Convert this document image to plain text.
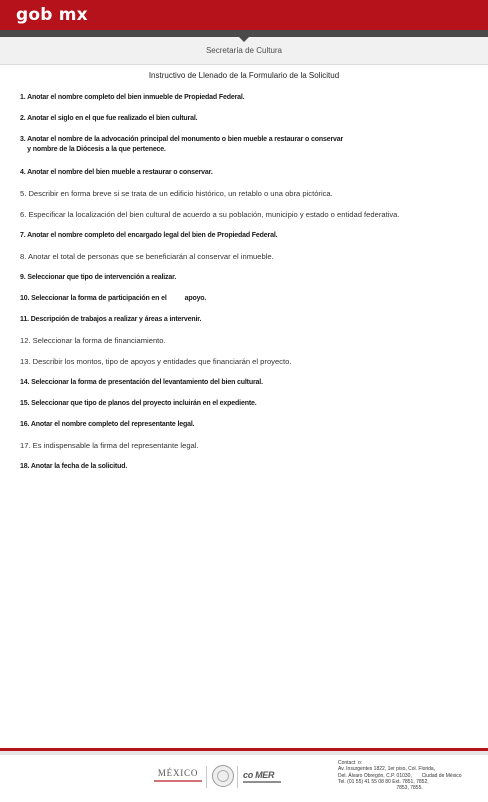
gob mx
Secretaría de Cultura
Instructivo de Llenado de la Formulario de la Solicitud
1. Anotar el nombre completo del bien inmueble de Propiedad Federal.
2. Anotar el siglo en el que fue realizado el bien cultural.
3. Anotar el nombre de la advocación principal del monumento o bien mueble a restaurar o conservar
y nombre de la Diócesis a la que pertenece.
4. Anotar el nombre del bien mueble a restaurar o conservar.
5. Describir en forma breve si se trata de un edificio histórico, un retablo o una obra pictórica.
6. Especificar la localización del bien cultural de acuerdo a su población, municipio y estado o entidad federativa.
7. Anotar el nombre completo del encargado legal del bien de Propiedad Federal.
8. Anotar el total de personas que se beneficiarán al conservar el inmueble.
9. Seleccionar que tipo de intervención a realizar.
10. Seleccionar la forma de participación en el          apoyo.
11. Descripción de trabajos a realizar y áreas a intervenir.
12. Seleccionar la forma de financiamiento.
13. Describir los montos, tipo de apoyos y entidades que financiarán el proyecto.
14. Seleccionar la forma de presentación del levantamiento del bien cultural.
15. Seleccionar que tipo de planos del proyecto incluirán en el expediente.
16. Anotar el nombre completo del representante legal.
17. Es indispensable la firma del representante legal.
18. Anotar la fecha de la solicitud.
MÉXICO	co MER
Contact  o:
Av. Insurgentes 1822, 1er piso, Col. Florida,
Del. Álvaro Obregón, C.P. 01030,       Ciudad de México
Tel. (01 55) 41 55 08 80 Ext. 7851, 7852,
7853, 7855.
